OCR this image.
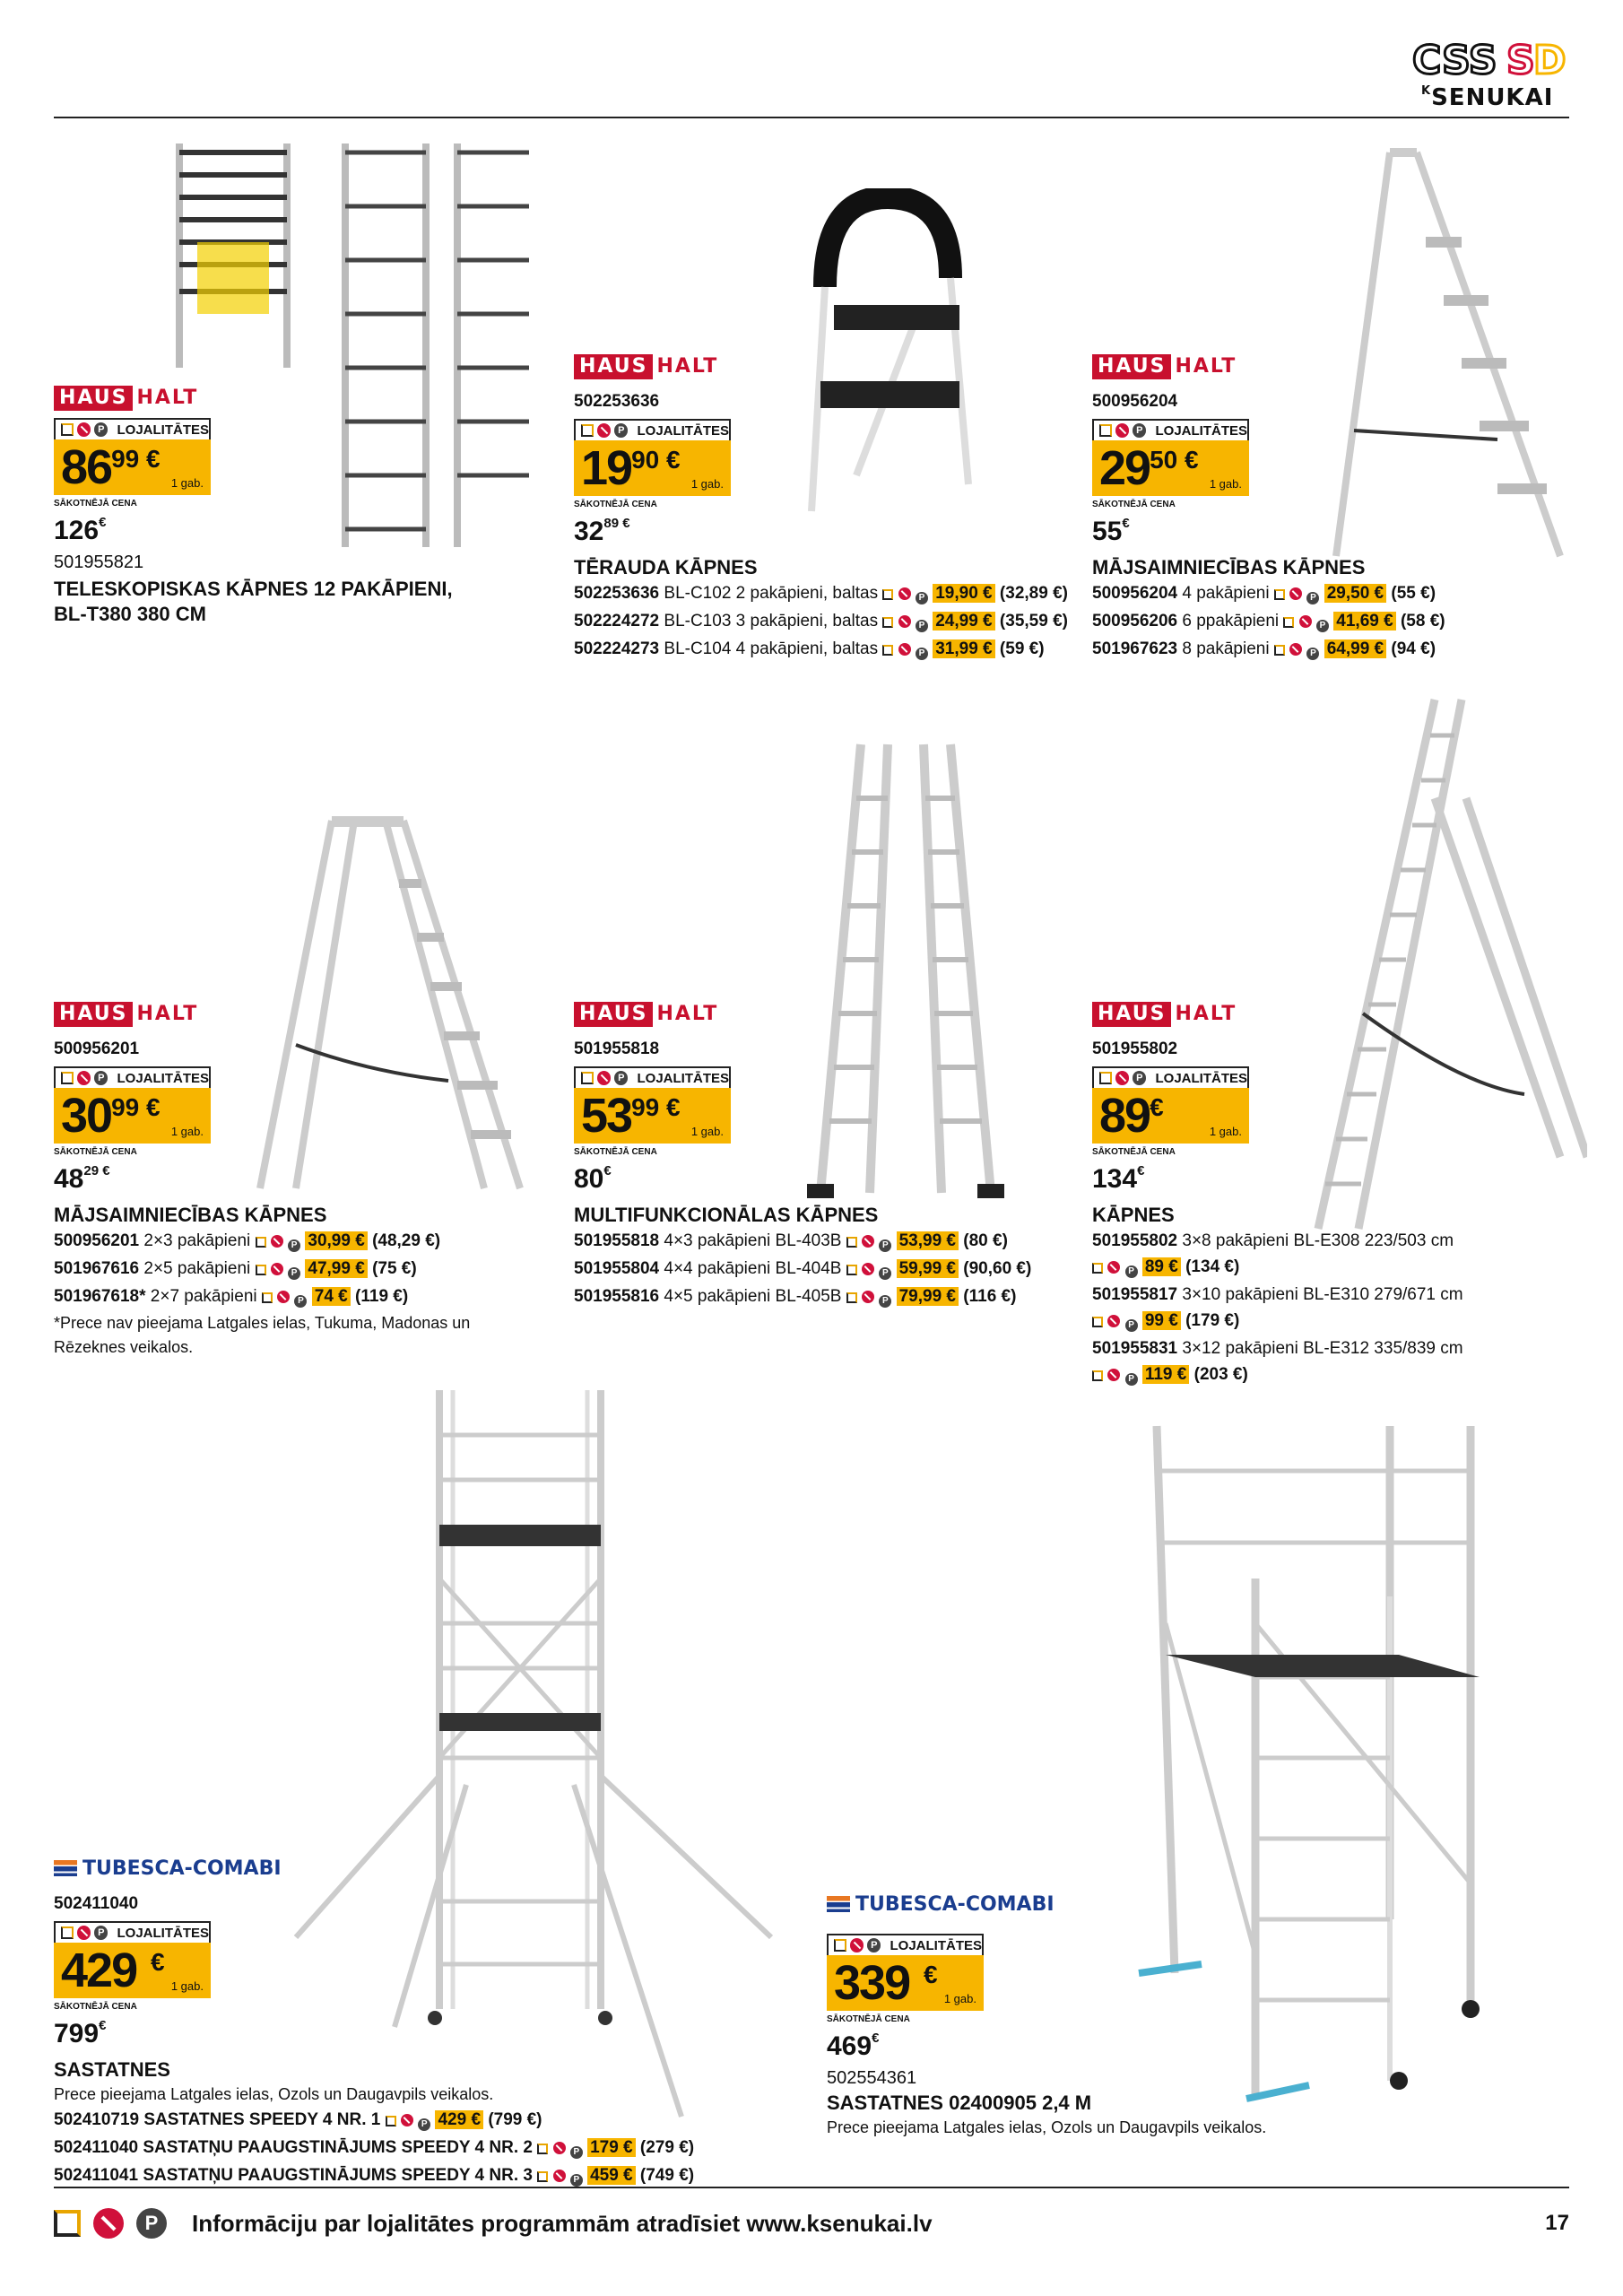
CSS S
D
$^K$SENUKAI
HAUS HALT
P
LOJALITĀTES
86 99 €
1 gab.
SĀKOTNĒJĀ CENA
126€
501955821
TELESKOPISKAS KĀPNES 12 PAKĀPIENI,
BL-T380 380 CM
HAUS HALT
502253636
P
LOJALITĀTES
19 90 €
1 gab.
SĀKOTNĒJĀ CENA
$32^{89 €}$
TĒRAUDA KĀPNES
502253636 BL-C102 2 pakāpieni, baltas P	19,90 € (32,89 €)
502224272 BL-C103 3 pakāpieni, baltas P	24,99 € (35,59 €)
502224273 BL-C104 4 pakāpieni, baltas P	31,99 € (59 €)
HAUS HALT
500956204
P
LOJALITĀTES
29 50 €
1 gab.
SĀKOTNĒJĀ CENA
55€
MĀJSAIMNIECĪBAS KĀPNES
500956204 4 pakāpieni P	29,50 € (55 €)
500956206 6 ppakāpieni P	41,69 € (58 €)
501967623 8 pakāpieni P	64,99 € (94 €)
HAUS HALT
500956201
P
LOJALITĀTES
30 99 €
1 gab.
SĀKOTNĒJĀ CENA
$48^{29 €}$
MĀJSAIMNIECĪBAS KĀPNES
500956201 2×3 pakāpieni P	30,99 € (48,29 €)
501967616 2×5 pakāpieni P	47,99 € (75 €)
501967618* 2×7 pakāpieni P	74 € (119 €)
*Prece nav pieejama Latgales ielas, Tukuma, Madonas un
Rēzeknes veikalos.
HAUS HALT
501955818
P
LOJALITĀTES
53 99 €
1 gab.
SĀKOTNĒJĀ CENA
80€
MULTIFUNKCIONĀLAS KĀPNES
501955818 4×3 pakāpieni BL-403B P	53,99 € (80 €)
501955804 4×4 pakāpieni BL-404B P	59,99 € (90,60 €)
501955816 4×5 pakāpieni BL-405B P	79,99 € (116 €)
HAUS HALT
501955802
P
LOJALITĀTES
89 €
1 gab.
SĀKOTNĒJĀ CENA
134€
KĀPNES
501955802 3×8 pakāpieni BL-E308 223/503 cm
P 89 € (134 €)
501955817 3×10 pakāpieni BL-E310 279/671 cm
P 99 € (179 €)
501955831 3×12 pakāpieni BL-E312 335/839 cm
P 119 € (203 €)
TUBESCA-COMABI
502411040
P
LOJALITĀTES
429 €
1 gab.
SĀKOTNĒJĀ CENA
799€
SASTATNES
Prece pieejama Latgales ielas, Ozols un Daugavpils veikalos.
502410719 SASTATNES SPEEDY 4 NR. 1 P	429 € (799 €)
502411040 SASTATŅU PAAUGSTINĀJUMS SPEEDY 4 NR. 2 P	179 € (279 €)
502411041 SASTATŅU PAAUGSTINĀJUMS SPEEDY 4 NR. 3 P	459 € (749 €)
TUBESCA-COMABI
P
LOJALITĀTES
339 €
1 gab.
SĀKOTNĒJĀ CENA
469€
502554361
SASTATNES 02400905 2,4 M
Prece pieejama Latgales ielas, Ozols un Daugavpils veikalos.
P
Informāciju par lojalitātes programmām atradīsiet www.ksenukai.lv	17
